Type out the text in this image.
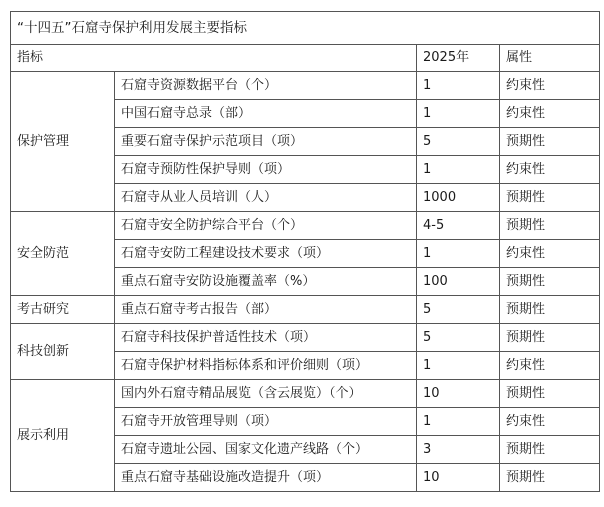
“十四五”石窟寺保护利用发展主要指标			
指标		2025年	属性
保护管理	石窟寺资源数据平台（个）	1	约束性
	中国石窟寺总录（部）	1	约束性
	重要石窟寺保护示范项目（项）	5	预期性
	石窟寺预防性保护导则（项）	1	约束性
	石窟寺从业人员培训（人）	1000	预期性
安全防范	石窟寺安全防护综合平台（个）	4-5	预期性
	石窟寺安防工程建设技术要求（项）	1	约束性
	重点石窟寺安防设施覆盖率（%）	100	预期性
考古研究	重点石窟寺考古报告（部）	5	预期性
科技创新	石窟寺科技保护普适性技术（项）	5	预期性
	石窟寺保护材料指标体系和评价细则（项）	1	约束性
展示利用	国内外石窟寺精品展览（含云展览）（个）	10	预期性
	石窟寺开放管理导则（项）	1	约束性
	石窟寺遗址公园、国家文化遗产线路（个）	3	预期性
	重点石窟寺基础设施改造提升（项）	10	预期性
